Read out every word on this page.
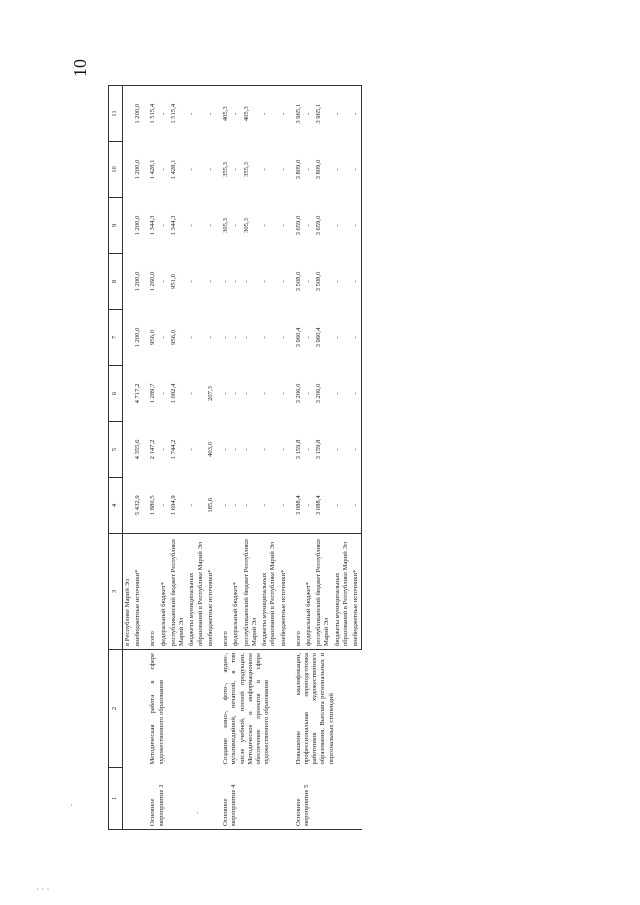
10
·
·
· · ·
1	2	3	4	5	6	7	8	9	10	11
		в Республике Марий Эл								
		внебюджетные источники*	5 432,9	4 355,6	4 717,2	1 200,0	1 200,0	1 200,0	1 200,0	1 200,0
Основное мероприятие 3	Методическая работа в сфере художественного образования	всего	1 880,5	2 147,2	1 289,7	956,0	1 260,0	1 344,3	1 428,1	1 515,4
		федеральный бюджет*	-	-	-	-	-	-	-	-
		республиканский бюджет Республики Марий Эл	1 694,9	1 744,2	1 082,4	956,0	951,0	1 344,3	1 428,1	1 515,4
		бюджеты муниципальных образований в Республике Марий Эл	-	-	-	-	-	-	-	-
		внебюджетные источники*	185,6	403,0	207,3	-	-	-	-	-
Основное мероприятие 4	Создание кино-, фото-, аудио-, мультимедийной, печатной, в том числе учебной, нотной продукции. Методическое и информационное обеспечение проектов в сфере художественного образования	всего	-	-	-	-	-	305,3	355,3	405,3
		федеральный бюджет*	-	-	-	-	-	-	-	-
		республиканский бюджет Республики Марий Эл	-	-	-	-	-	305,3	355,3	405,3
		бюджеты муниципальных образований в Республике Марий Эл	-	-	-	-	-	-	-	-
		внебюджетные источники*	-	-	-	-	-	-	-	-
Основное мероприятие 5	Повышение квалификации, профессиональная переподготовка работников художественного образования. Выплата региональных и персональных стипендий	всего	3 088,4	3 159,8	3 206,0	3 960,4	3 508,0	3 659,0	3 809,0	3 965,1
		федеральный бюджет*	-	-	-	-	-	-	-	-
		республиканский бюджет Республики Марий Эл	3 088,4	3 159,8	3 206,0	3 960,4	3 508,0	3 659,0	3 809,0	3 965,1
		бюджеты муниципальных образований в Республике Марий Эл	-	-	-	-	-	-	-	-
		внебюджетные источники*	-	-	-	-	-	-	-	-
